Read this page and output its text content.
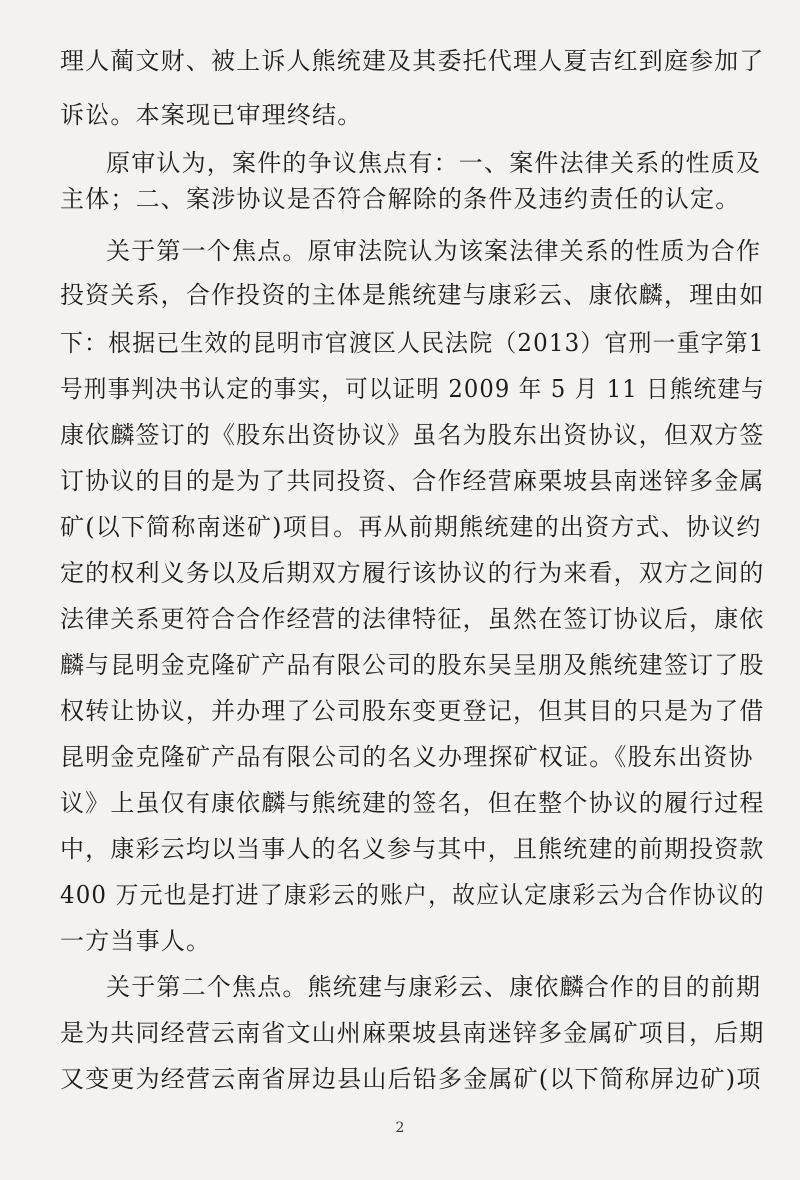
理人蔺文财、被上诉人熊统建及其委托代理人夏吉红到庭参加了
诉讼。本案现已审理终结。
原审认为，案件的争议焦点有：一、案件法律关系的性质及
主体；二、案涉协议是否符合解除的条件及违约责任的认定。
关于第一个焦点。原审法院认为该案法律关系的性质为合作
投资关系，合作投资的主体是熊统建与康彩云、康依麟，理由如
下：根据已生效的昆明市官渡区人民法院（2013）官刑一重字第1
号刑事判决书认定的事实，可以证明 2009 年 5 月 11 日熊统建与
康依麟签订的《股东出资协议》虽名为股东出资协议，但双方签
订协议的目的是为了共同投资、合作经营麻栗坡县南迷锌多金属
矿(以下简称南迷矿)项目。再从前期熊统建的出资方式、协议约
定的权利义务以及后期双方履行该协议的行为来看，双方之间的
法律关系更符合合作经营的法律特征，虽然在签订协议后，康依
麟与昆明金克隆矿产品有限公司的股东吴呈朋及熊统建签订了股
权转让协议，并办理了公司股东变更登记，但其目的只是为了借
昆明金克隆矿产品有限公司的名义办理探矿权证。《股东出资协
议》上虽仅有康依麟与熊统建的签名，但在整个协议的履行过程
中，康彩云均以当事人的名义参与其中，且熊统建的前期投资款
400 万元也是打进了康彩云的账户，故应认定康彩云为合作协议的
一方当事人。
关于第二个焦点。熊统建与康彩云、康依麟合作的目的前期
是为共同经营云南省文山州麻栗坡县南迷锌多金属矿项目，后期
又变更为经营云南省屏边县山后铅多金属矿(以下简称屏边矿)项
2
